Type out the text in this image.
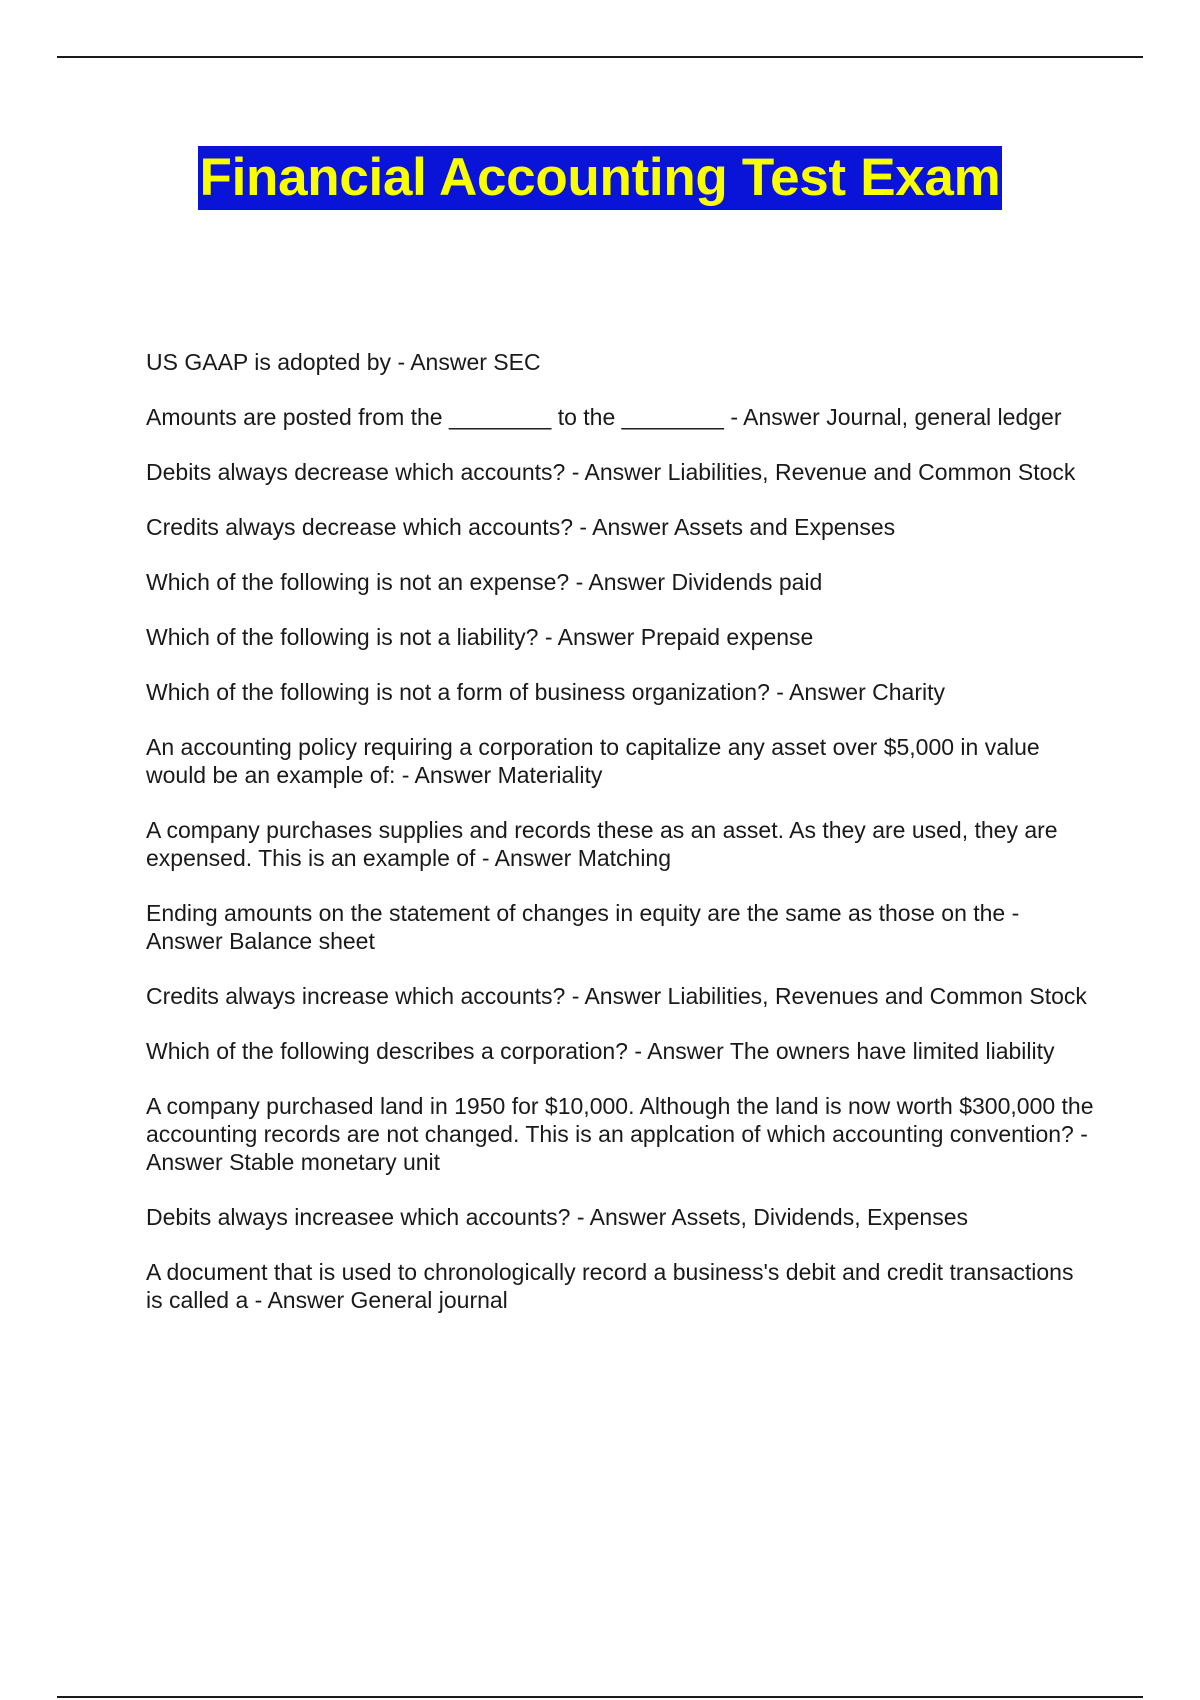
Financial Accounting Test Exam
US GAAP is adopted by - Answer SEC
Amounts are posted from the ________ to the ________ - Answer Journal, general ledger
Debits always decrease which accounts? - Answer Liabilities, Revenue and Common Stock
Credits always decrease which accounts? - Answer Assets and Expenses
Which of the following is not an expense? - Answer Dividends paid
Which of the following is not a liability? - Answer Prepaid expense
Which of the following is not a form of business organization? - Answer Charity
An accounting policy requiring a corporation to capitalize any asset over $5,000 in value would be an example of: - Answer Materiality
A company purchases supplies and records these as an asset. As they are used, they are expensed. This is an example of - Answer Matching
Ending amounts on the statement of changes in equity are the same as those on the - Answer Balance sheet
Credits always increase which accounts? - Answer Liabilities, Revenues and Common Stock
Which of the following describes a corporation? - Answer The owners have limited liability
A company purchased land in 1950 for $10,000. Although the land is now worth $300,000 the accounting records are not changed. This is an applcation of which accounting convention? - Answer Stable monetary unit
Debits always increasee which accounts? - Answer Assets, Dividends, Expenses
A document that is used to chronologically record a business's debit and credit transactions is called a - Answer General journal
